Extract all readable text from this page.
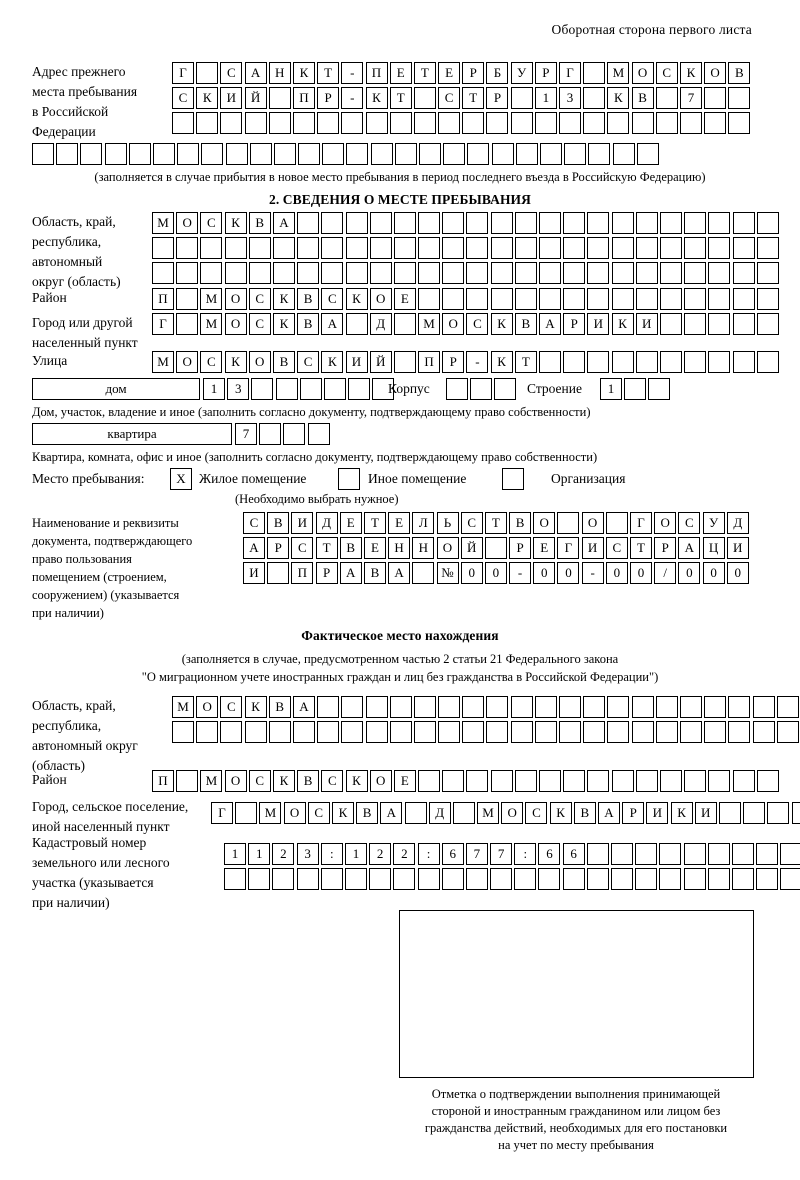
Оборотная сторона первого листа
Адрес прежнего
места пребывания
в Российской
Федерации
Г	С	А	Н	К	Т	-	П	Е	Т	Е	Р	Б	У	Р	Г	М	О	С	К	О	В
С	К	И	Й	П	Р	-	К	Т	С	Т	Р	1	3	К	В	7
(заполняется в случае прибытия в новое место пребывания в период последнего въезда в Российскую Федерацию)
2. СВЕДЕНИЯ О МЕСТЕ ПРЕБЫВАНИЯ
Область, край,
республика,
автономный
округ (область)
М	О	С	К	В	А
Район	П	М	О	С	К	В	С	К	О	Е
Город или другой
населенный пункт
Г	М	О	С	К	В	А	Д	М	О	С	К	В	А	Р	И	К	И
Улица	М	О	С	К	О	В	С	К	И	Й	П	Р	-	К	Т
дом	1	3	Корпус	Строение	1
Дом, участок, владение и иное (заполнить согласно документу, подтверждающему право собственности)
квартира	7
Квартира, комната, офис и иное (заполнить согласно документу, подтверждающему право собственности)
Место пребывания:	X Жилое помещение	Иное помещение	Организация
(Необходимо выбрать нужное)
Наименование и реквизиты
документа, подтверждающего
право пользования
помещением (строением,
сооружением) (указывается
при наличии)
С	В	И	Д	Е	Т	Е	Л	Ь	С	Т	В	О	О	Г	О	С	У	Д
А	Р	С	Т	В	Е	Н	Н	О	Й	Р	Е	Г	И	С	Т	Р	А	Ц	И
И	П	Р	А	В	А	№	0	0	-	0	0	-	0	0	/	0	0	0
Фактическое место нахождения
(заполняется в случае, предусмотренном частью 2 статьи 21 Федерального закона
"О миграционном учете иностранных граждан и лиц без гражданства в Российской Федерации")
Область, край,
республика,
автономный округ
(область)
М	О	С	К	В	А
Район	П	М	О	С	К	В	С	К	О	Е
Город, сельское поселение,
иной населенный пункт
Г	М	О	С	К	В	А	Д	М	О	С	К	В	А	Р	И	К	И
Кадастровый номер
земельного или лесного
участка (указывается
при наличии)
1	1	2	3	:	1	2	2	:	6	7	7	:	6	6
Отметка о подтверждении выполнения принимающей
стороной и иностранным гражданином или лицом без
гражданства действий, необходимых для его постановки
на учет по месту пребывания
